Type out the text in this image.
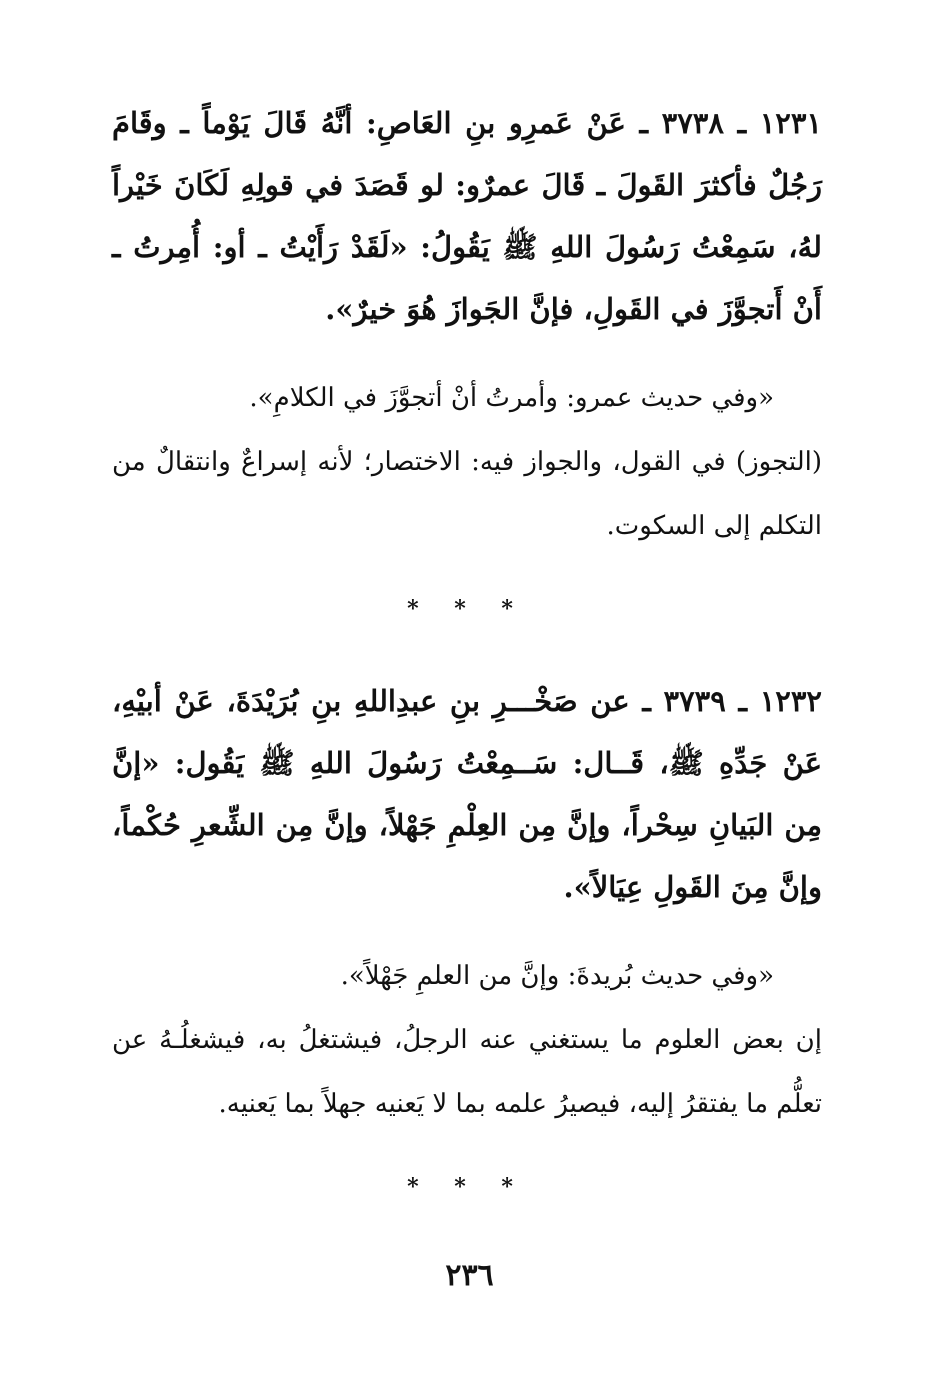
١٢٣١ ـ ٣٧٣٨ ـ عَنْ عَمرِو بنِ العَاصِ: أنَّهُ قَالَ يَوْماً ـ وقَامَ رَجُلٌ فأكثرَ القَولَ ـ قَالَ عمرٌو: لو قَصَدَ في قولِهِ لَكَانَ خَيْراً لهُ، سَمِعْتُ رَسُولَ اللهِ ﷺ يَقُولُ: «لَقَدْ رَأَيْتُ ـ أو: أُمِرتُ ـ أَنْ أَتجوَّزَ في القَولِ، فإنَّ الجَوازَ هُوَ خيرٌ».

«وفي حديث عمرو: وأمرتُ أنْ أتجوَّزَ في الكلامِ».

(التجوز) في القول، والجواز فيه: الاختصار؛ لأنه إسراعٌ وانتقالٌ من التكلم إلى السكوت.

* * *

١٢٣٢ ـ ٣٧٣٩ ـ عن صَخْـــرِ بنِ عبدِاللهِ بنِ بُرَيْدَةَ، عَنْ أبيْهِ، عَنْ جَدِّهِ ﷺ، قَــال: سَــمِعْتُ رَسُولَ اللهِ ﷺ يَقُول: «إنَّ مِن البَيانِ سِحْراً، وإنَّ مِن العِلْمِ جَهْلاً، وإنَّ مِن الشِّعرِ حُكْماً، وإنَّ مِنَ القَولِ عِيَالاً».

«وفي حديث بُريدةَ: وإنَّ من العلمِ جَهْلاً».

إن بعض العلوم ما يستغني عنه الرجلُ، فيشتغلُ به، فيشغلُـهُ عن تعلُّم ما يفتقرُ إليه، فيصيرُ علمه بما لا يَعنيه جهلاً بما يَعنيه.

* * *
٢٣٦
